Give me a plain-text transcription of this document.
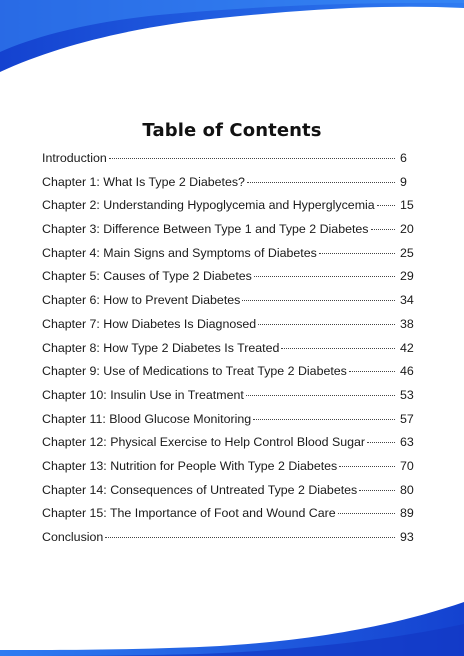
Table of Contents
Introduction	6
Chapter 1: What Is Type 2 Diabetes?	9
Chapter 2: Understanding Hypoglycemia and Hyperglycemia 15
Chapter 3: Difference Between Type 1 and Type 2 Diabetes	20
Chapter 4: Main Signs and Symptoms of Diabetes	25
Chapter 5: Causes of Type 2 Diabetes	29
Chapter 6: How to Prevent Diabetes	34
Chapter 7: How Diabetes Is Diagnosed	38
Chapter 8: How Type 2 Diabetes Is Treated	42
Chapter 9: Use of Medications to Treat Type 2 Diabetes	46
Chapter 10: Insulin Use in Treatment	53
Chapter 11: Blood Glucose Monitoring	57
Chapter 12: Physical Exercise to Help Control Blood Sugar	63
Chapter 13: Nutrition for People With Type 2 Diabetes	70
Chapter 14: Consequences of Untreated Type 2 Diabetes	80
Chapter 15: The Importance of Foot and Wound Care	89
Conclusion	93
